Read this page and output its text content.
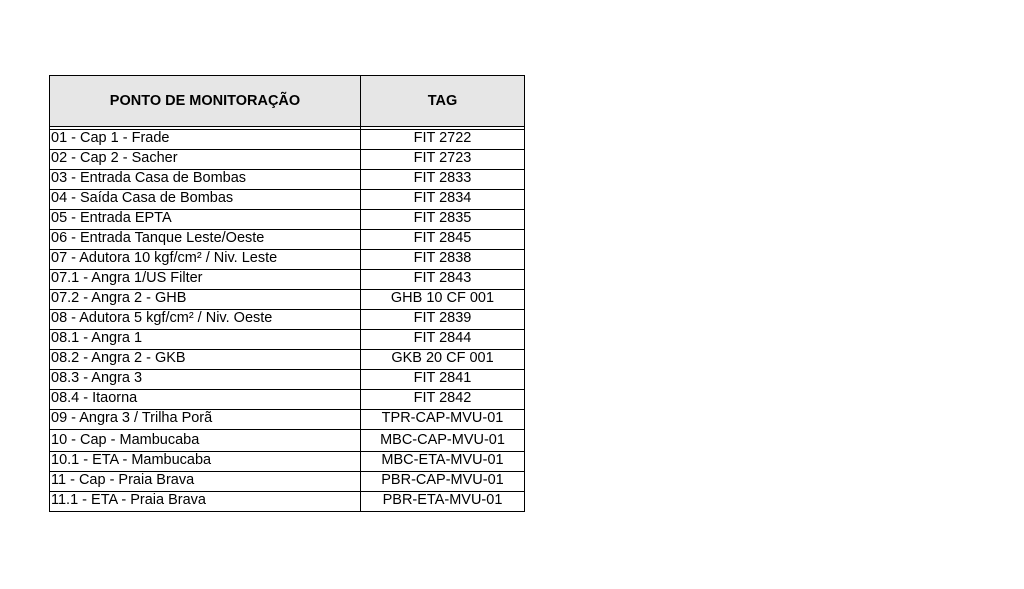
PONTO DE MONITORAÇÃO	TAG

01 - Cap 1 - Frade	FIT 2722
02 - Cap 2 - Sacher	FIT 2723
03 - Entrada Casa de Bombas	FIT 2833
04 - Saída Casa de Bombas	FIT 2834
05 - Entrada EPTA	FIT 2835
06 - Entrada Tanque Leste/Oeste	FIT 2845
07 - Adutora 10 kgf/cm² / Niv. Leste	FIT 2838
07.1 - Angra 1/US Filter	FIT 2843
07.2 - Angra 2 - GHB	GHB 10 CF 001
08 - Adutora 5 kgf/cm² / Niv. Oeste	FIT 2839
08.1 - Angra 1	FIT 2844
08.2 - Angra 2 - GKB	GKB 20 CF 001
08.3 - Angra 3	FIT 2841
08.4 - Itaorna	FIT 2842
09 - Angra 3 / Trilha Porã	TPR-CAP-MVU-01
10 - Cap - Mambucaba	MBC-CAP-MVU-01
10.1 - ETA - Mambucaba	MBC-ETA-MVU-01
11 - Cap - Praia Brava	PBR-CAP-MVU-01
11.1 - ETA - Praia Brava	PBR-ETA-MVU-01
